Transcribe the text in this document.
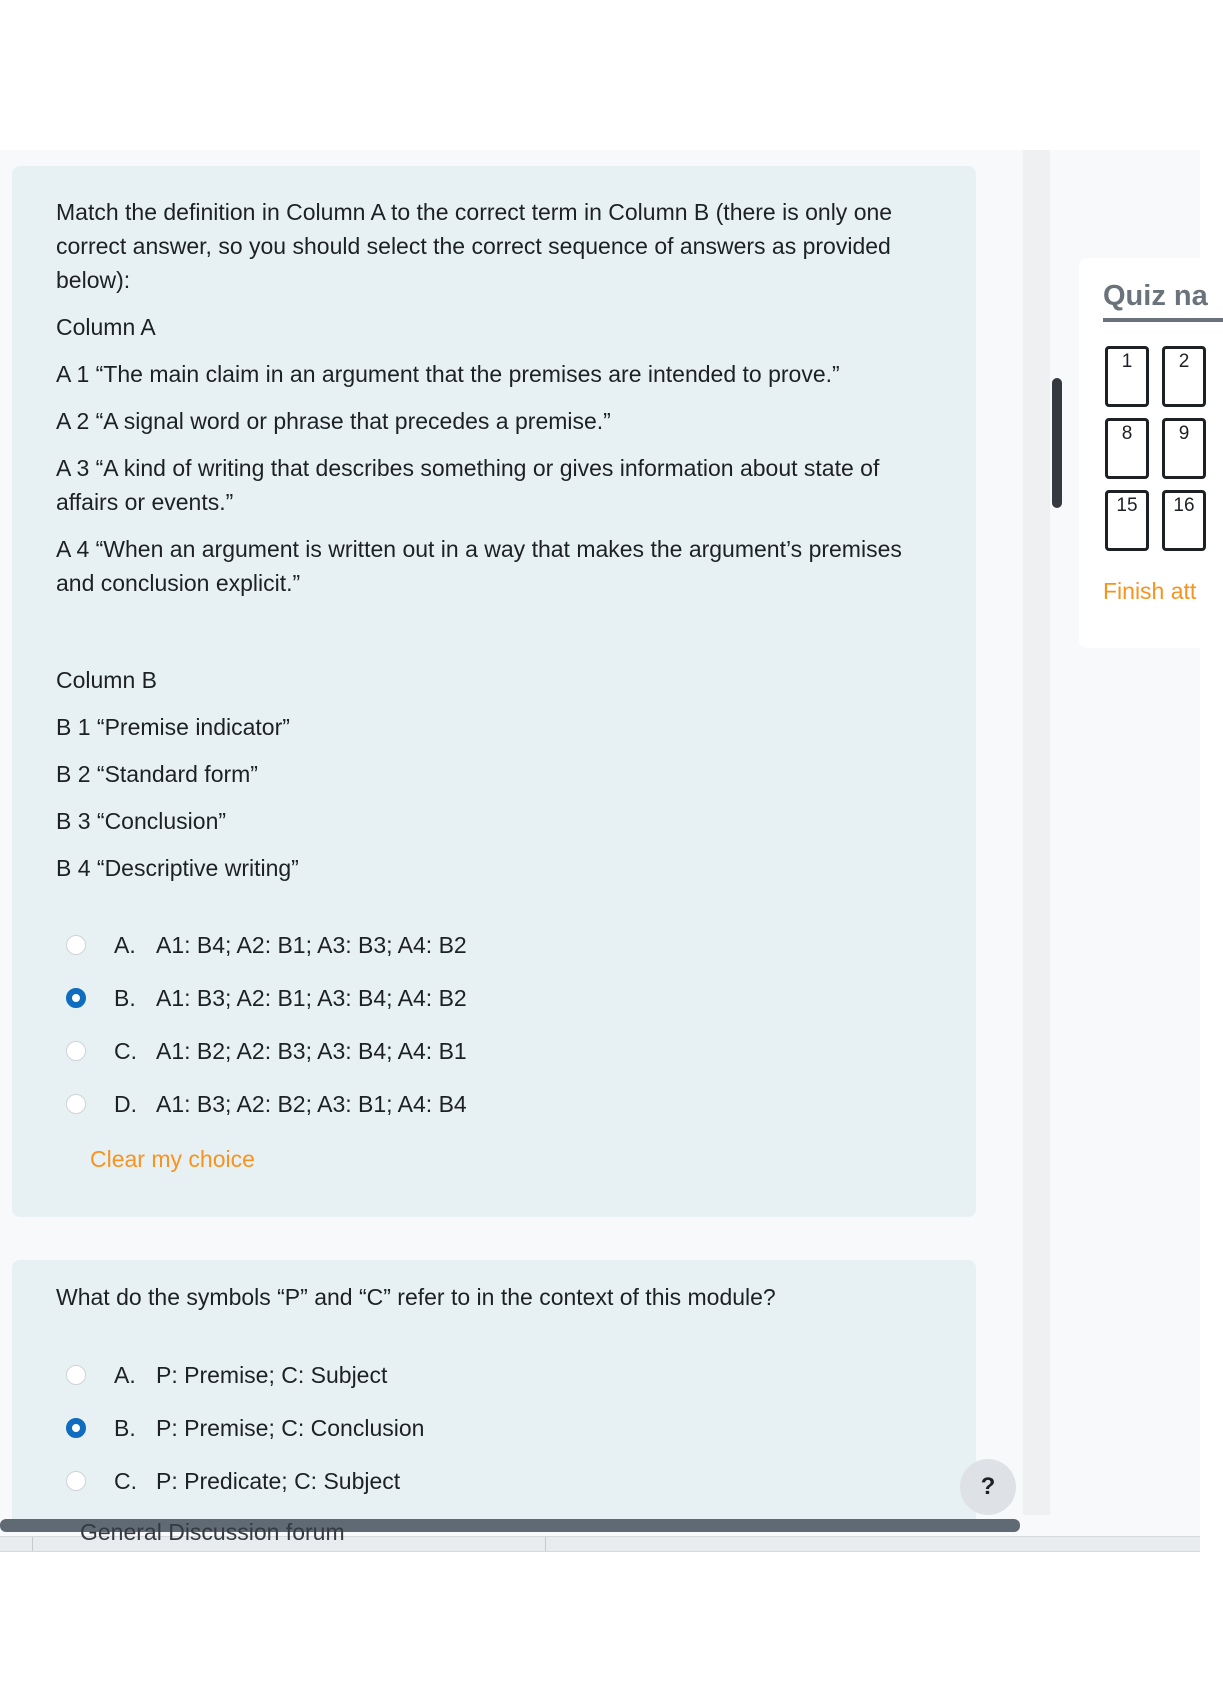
Match the definition in Column A to the correct term in Column B (there is only one
correct answer, so you should select the correct sequence of answers as provided
below):
Column A
A 1 “The main claim in an argument that the premises are intended to prove.”
A 2 “A signal word or phrase that precedes a premise.”
A 3 “A kind of writing that describes something or gives information about state of
affairs or events.”
A 4 “When an argument is written out in a way that makes the argument’s premises
and conclusion explicit.”
Column B
B 1 “Premise indicator”
B 2 “Standard form”
B 3 “Conclusion”
B 4 “Descriptive writing”
A. A1: B4; A2: B1; A3: B3; A4: B2
B. A1: B3; A2: B1; A3: B4; A4: B2
C. A1: B2; A2: B3; A3: B4; A4: B1
D. A1: B3; A2: B2; A3: B1; A4: B4
Clear my choice
What do the symbols “P” and “C” refer to in the context of this module?
A. P: Premise; C: Subject
B. P: Premise; C: Conclusion
C. P: Predicate; C: Subject
Quiz na
1	2
8	9
15	16
Finish att
?
General Discussion forum
